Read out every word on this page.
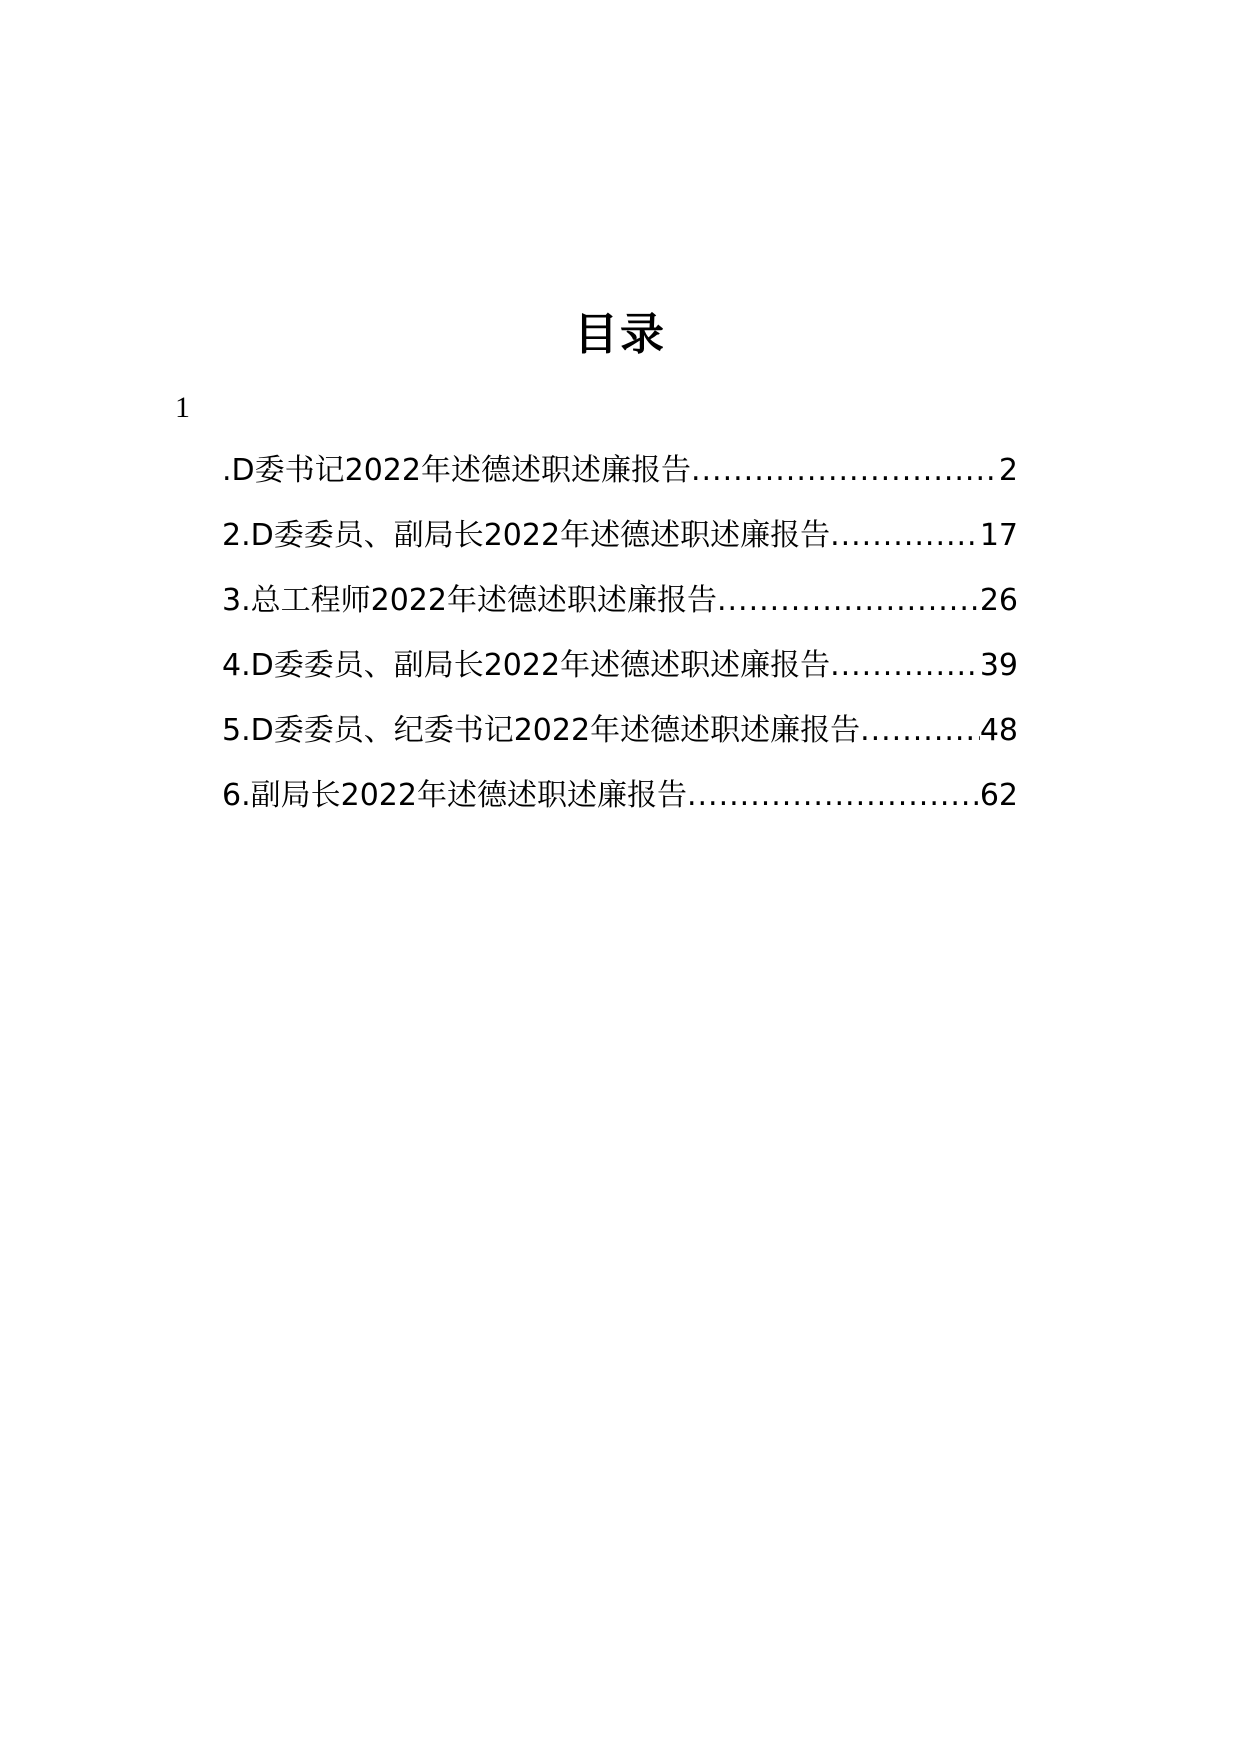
目录
1
.D委书记2022年述德述职述廉报告 .....	2
2.D委委员、副局长2022年述德述职述廉报告 .....	17
3.总工程师2022年述德述职述廉报告 .....	26
4.D委委员、副局长2022年述德述职述廉报告 .....	39
5.D委委员、纪委书记2022年述德述职述廉报告 .....	48
6.副局长2022年述德述职述廉报告 .....	62
